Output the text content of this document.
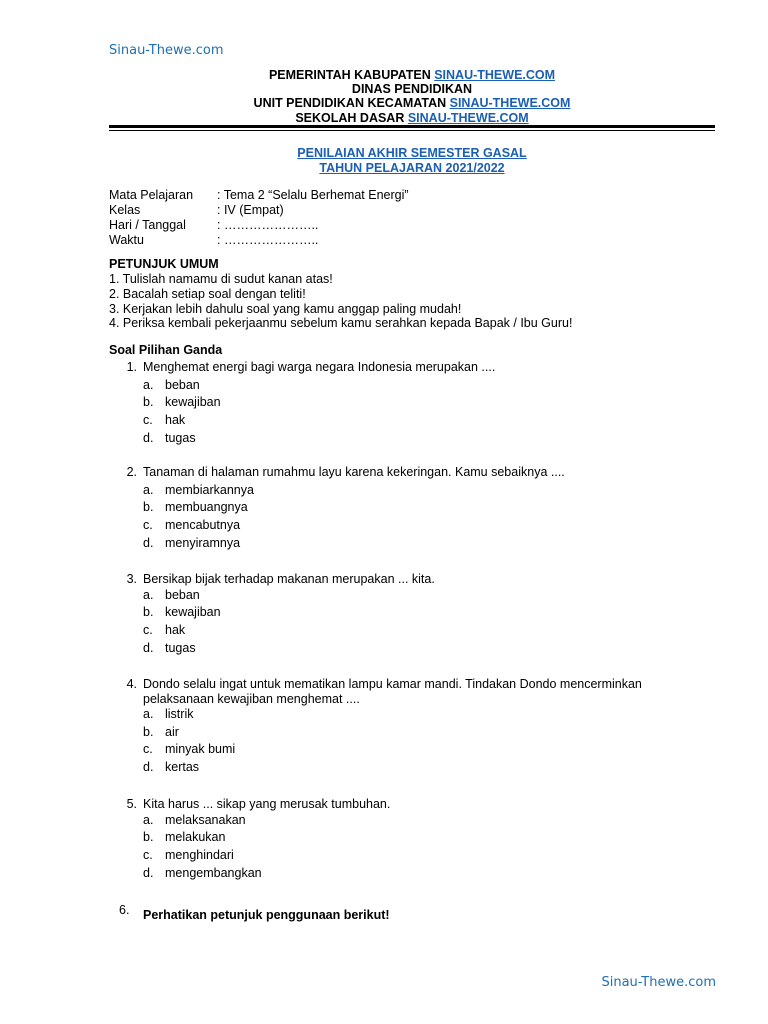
Sinau-Thewe.com
PEMERINTAH KABUPATEN SINAU-THEWE.COM
DINAS PENDIDIKAN
UNIT PENDIDIKAN KECAMATAN SINAU-THEWE.COM
SEKOLAH DASAR SINAU-THEWE.COM
PENILAIAN AKHIR SEMESTER GASAL
TAHUN PELAJARAN 2021/2022
Mata Pelajaran	: Tema 2 “Selalu Berhemat Energi”
Kelas	: IV (Empat)
Hari / Tanggal	: …………………..
Waktu	: …………………..
PETUNJUK UMUM
1. Tulislah namamu di sudut kanan atas!
2. Bacalah setiap soal dengan teliti!
3. Kerjakan lebih dahulu soal yang kamu anggap paling mudah!
4. Periksa kembali pekerjaanmu sebelum kamu serahkan kepada Bapak / Ibu Guru!
Soal Pilihan Ganda
1. Menghemat energi bagi warga negara Indonesia merupakan ....
a. beban
b. kewajiban
c. hak
d. tugas
2. Tanaman di halaman rumahmu layu karena kekeringan. Kamu sebaiknya ....
a. membiarkannya
b. membuangnya
c. mencabutnya
d. menyiramnya
3. Bersikap bijak terhadap makanan merupakan ... kita.
a. beban
b. kewajiban
c. hak
d. tugas
4. Dondo selalu ingat untuk mematikan lampu kamar mandi. Tindakan Dondo mencerminkan pelaksanaan kewajiban menghemat ....
a. listrik
b. air
c. minyak bumi
d. kertas
5. Kita harus ... sikap yang merusak tumbuhan.
a. melaksanakan
b. melakukan
c. menghindari
d. mengembangkan
6. Perhatikan petunjuk penggunaan berikut!
Sinau-Thewe.com
